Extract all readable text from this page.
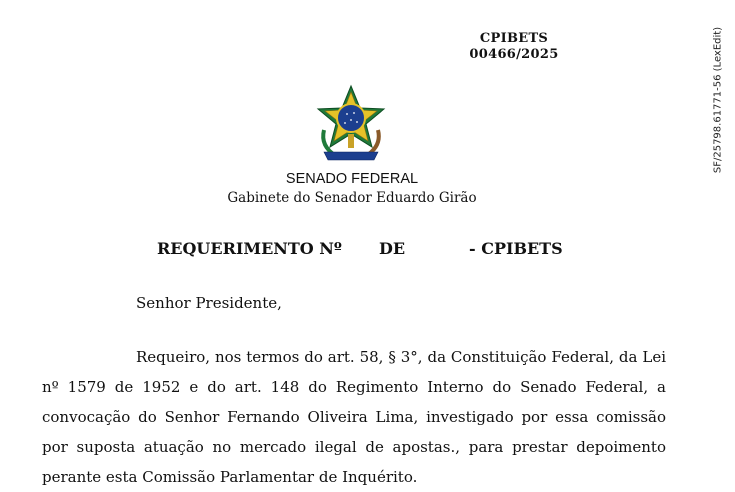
CPIBETS
00466/2025	SF/25798.61771-56 (LexEdit)
SENADO FEDERAL
Gabinete do Senador Eduardo Girão
REQUERIMENTO Nº DE	- CPIBETS
Senhor Presidente,
Requeiro, nos termos do art. 58, § 3°, da Constituição Federal, da Lei nº 1579 de 1952 e do art. 148 do Regimento Interno do Senado Federal, a convocação do Senhor Fernando Oliveira Lima, investigado por essa comissão por suposta atuação no mercado ilegal de apostas., para prestar depoimento perante esta Comissão Parlamentar de Inquérito.
